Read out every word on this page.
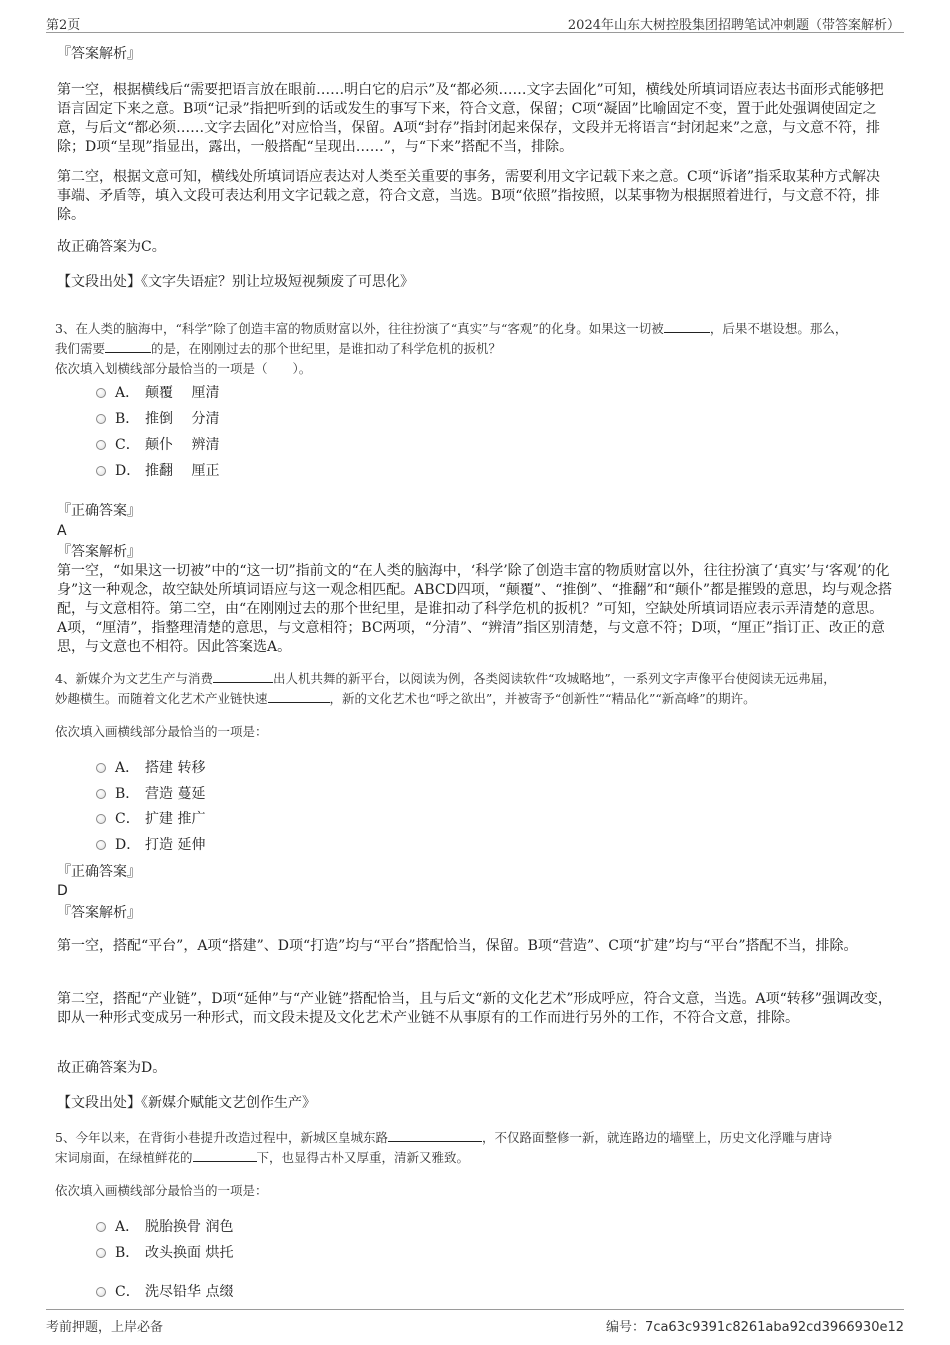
第2页	2024年山东大树控股集团招聘笔试冲刺题（带答案解析）
『答案解析』
第一空，根据横线后“需要把语言放在眼前……明白它的启示”及“都必须……文字去固化”可知，横线处所填词语应表达书面形式能够把语言固定下来之意。B项“记录”指把听到的话或发生的事写下来，符合文意，保留；C项“凝固”比喻固定不变，置于此处强调使固定之意，与后文“都必须……文字去固化”对应恰当，保留。A项“封存”指封闭起来保存，文段并无将语言“封闭起来”之意，与文意不符，排除；D项“呈现”指显出，露出，一般搭配“呈现出……”，与“下来”搭配不当，排除。
第二空，根据文意可知，横线处所填词语应表达对人类至关重要的事务，需要利用文字记载下来之意。C项“诉诸”指采取某种方式解决事端、矛盾等，填入文段可表达利用文字记载之意，符合文意，当选。B项“依照”指按照，以某事物为根据照着进行，与文意不符，排除。
故正确答案为C。
【文段出处】《文字失语症？别让垃圾短视频废了可思化》
3、在人类的脑海中，“科学”除了创造丰富的物质财富以外，往往扮演了“真实”与“客观”的化身。如果这一切被	，后果不堪设想。那么，
我们需要	的是，在刚刚过去的那个世纪里，是谁扣动了科学危机的扳机？
依次填入划横线部分最恰当的一项是（　　）。
A． 颠覆　 厘清
B． 推倒　 分清
C． 颠仆　 辨清
D． 推翻　 厘正
『正确答案』
A
『答案解析』
第一空，“如果这一切被”中的“这一切”指前文的“在人类的脑海中，‘科学’除了创造丰富的物质财富以外，往往扮演了‘真实’与‘客观’的化身”这一种观念，故空缺处所填词语应与这一观念相匹配。ABCD四项，“颠覆”、“推倒”、“推翻”和“颠仆”都是摧毁的意思，均与观念搭配，与文意相符。第二空，由“在刚刚过去的那个世纪里，是谁扣动了科学危机的扳机？”可知，空缺处所填词语应表示弄清楚的意思。A项，“厘清”，指整理清楚的意思，与文意相符；BC两项，“分清”、“辨清”指区别清楚，与文意不符；D项，“厘正”指订正、改正的意思，与文意也不相符。因此答案选A。
4、新媒介为文艺生产与消费	出人机共舞的新平台，以阅读为例，各类阅读软件“攻城略地”，一系列文字声像平台使阅读无远弗届，
妙趣横生。而随着文化艺术产业链快速	，新的文化艺术也“呼之欲出”，并被寄予“创新性”“精品化”“新高峰”的期许。
依次填入画横线部分最恰当的一项是：
A． 搭建 转移
B． 营造 蔓延
C． 扩建 推广
D． 打造 延伸
『正确答案』
D
『答案解析』
第一空，搭配“平台”，A项“搭建”、D项“打造”均与“平台”搭配恰当，保留。B项“营造”、C项“扩建”均与“平台”搭配不当，排除。
第二空，搭配“产业链”，D项“延伸”与“产业链”搭配恰当，且与后文“新的文化艺术”形成呼应，符合文意，当选。A项“转移”强调改变，即从一种形式变成另一种形式，而文段未提及文化艺术产业链不从事原有的工作而进行另外的工作，不符合文意，排除。
故正确答案为D。
【文段出处】《新媒介赋能文艺创作生产》
5、今年以来，在背街小巷提升改造过程中，新城区皇城东路	，不仅路面整修一新，就连路边的墙壁上，历史文化浮雕与唐诗
宋词扇面，在绿植鲜花的	下，也显得古朴又厚重，清新又雅致。
依次填入画横线部分最恰当的一项是：
A． 脱胎换骨 润色
B． 改头换面 烘托
C． 洗尽铅华 点缀
考前押题，上岸必备	编号：7ca63c9391c8261aba92cd3966930e12
